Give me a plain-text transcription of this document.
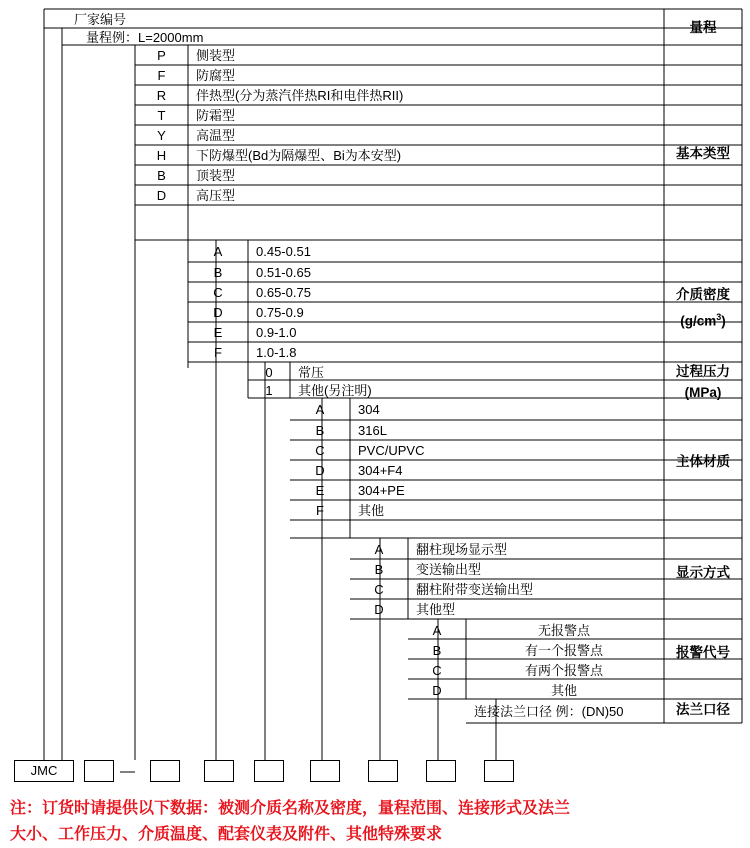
厂家编号
量程例：L=2000mm
量程
基本类型
介质密度
$(g/cm^3)$
过程压力
(MPa)
主体材质
显示方式
报警代号
法兰口径
P	侧装型
F	防腐型
R	伴热型(分为蒸汽伴热RI和电伴热RII)
T	防霜型
Y	高温型
H	下防爆型(Bd为隔爆型、Bi为本安型)
B	顶装型
D	高压型
A	0.45-0.51
B	0.51-0.65
C	0.65-0.75
D	0.75-0.9
E	0.9-1.0
F	1.0-1.8
0	常压
1	其他(另注明)
A	304
B	316L
C	PVC/UPVC
D	304+F4
E	304+PE
F	其他
A	翻柱现场显示型
B	变送输出型
C	翻柱附带变送输出型
D	其他型
A	无报警点
B	有一个报警点
C	有两个报警点
D	其他
连接法兰口径 例：(DN)50
JMC	—
注：订货时请提供以下数据：被测介质名称及密度，量程范围、连接形式及法兰
大小、工作压力、介质温度、配套仪表及附件、其他特殊要求
